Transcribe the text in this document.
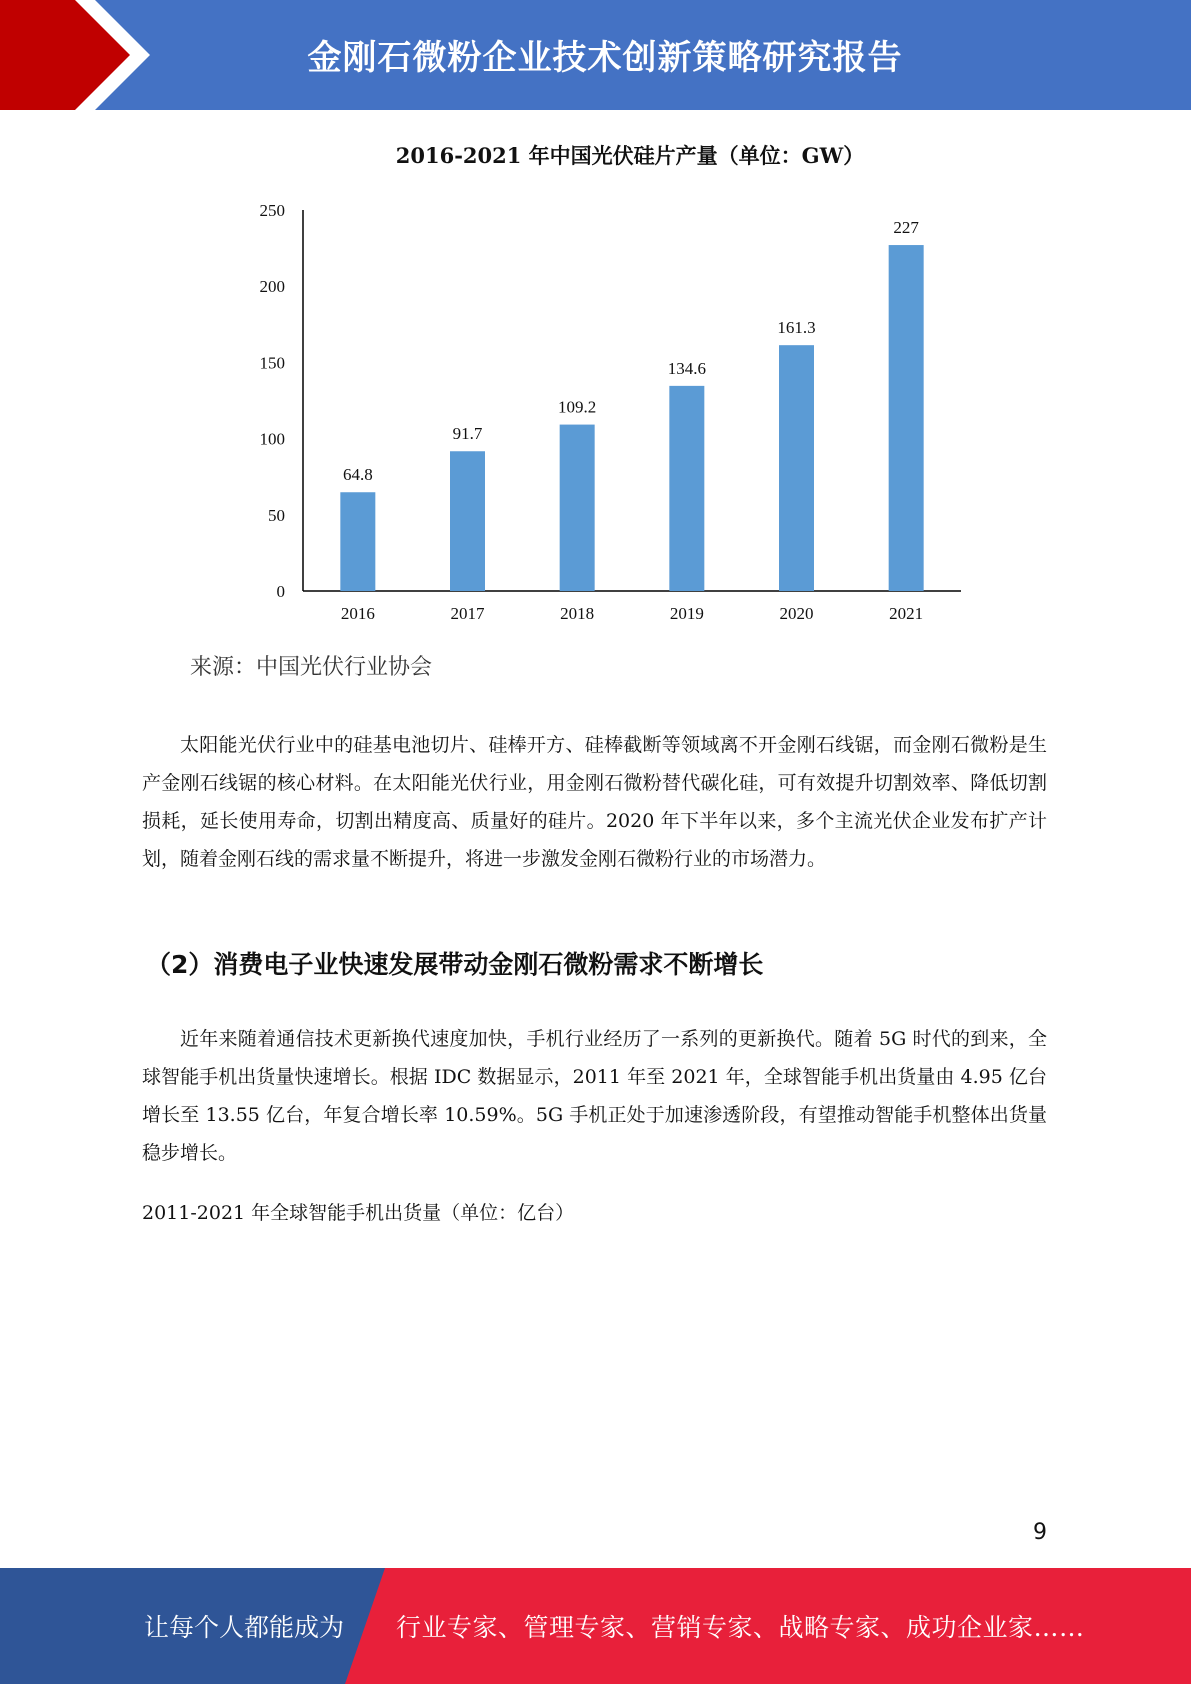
金刚石微粉企业技术创新策略研究报告
2016-2021 年中国光伏硅片产量（单位：GW）
0
50
100
150
200
250
64.8
2016
91.7
2017
109.2
2018
134.6
2019
161.3
2020
227
2021
来源：中国光伏行业协会

太阳能光伏行业中的硅基电池切片、硅棒开方、硅棒截断等领域离不开金刚石线锯，而金刚石微粉是生产金刚石线锯的核心材料。在太阳能光伏行业，用金刚石微粉替代碳化硅，可有效提升切割效率、降低切割损耗，延长使用寿命，切割出精度高、质量好的硅片。2020 年下半年以来，多个主流光伏企业发布扩产计划，随着金刚石线的需求量不断提升，将进一步激发金刚石微粉行业的市场潜力。

（2）消费电子业快速发展带动金刚石微粉需求不断增长

近年来随着通信技术更新换代速度加快，手机行业经历了一系列的更新换代。随着 5G 时代的到来，全球智能手机出货量快速增长。根据 IDC 数据显示，2011 年至 2021 年，全球智能手机出货量由 4.95 亿台增长至 13.55 亿台，年复合增长率 10.59%。5G 手机正处于加速渗透阶段，有望推动智能手机整体出货量稳步增长。

2011-2021 年全球智能手机出货量（单位：亿台）
9
让每个人都能成为 行业专家、管理专家、营销专家、战略专家、成功企业家……
